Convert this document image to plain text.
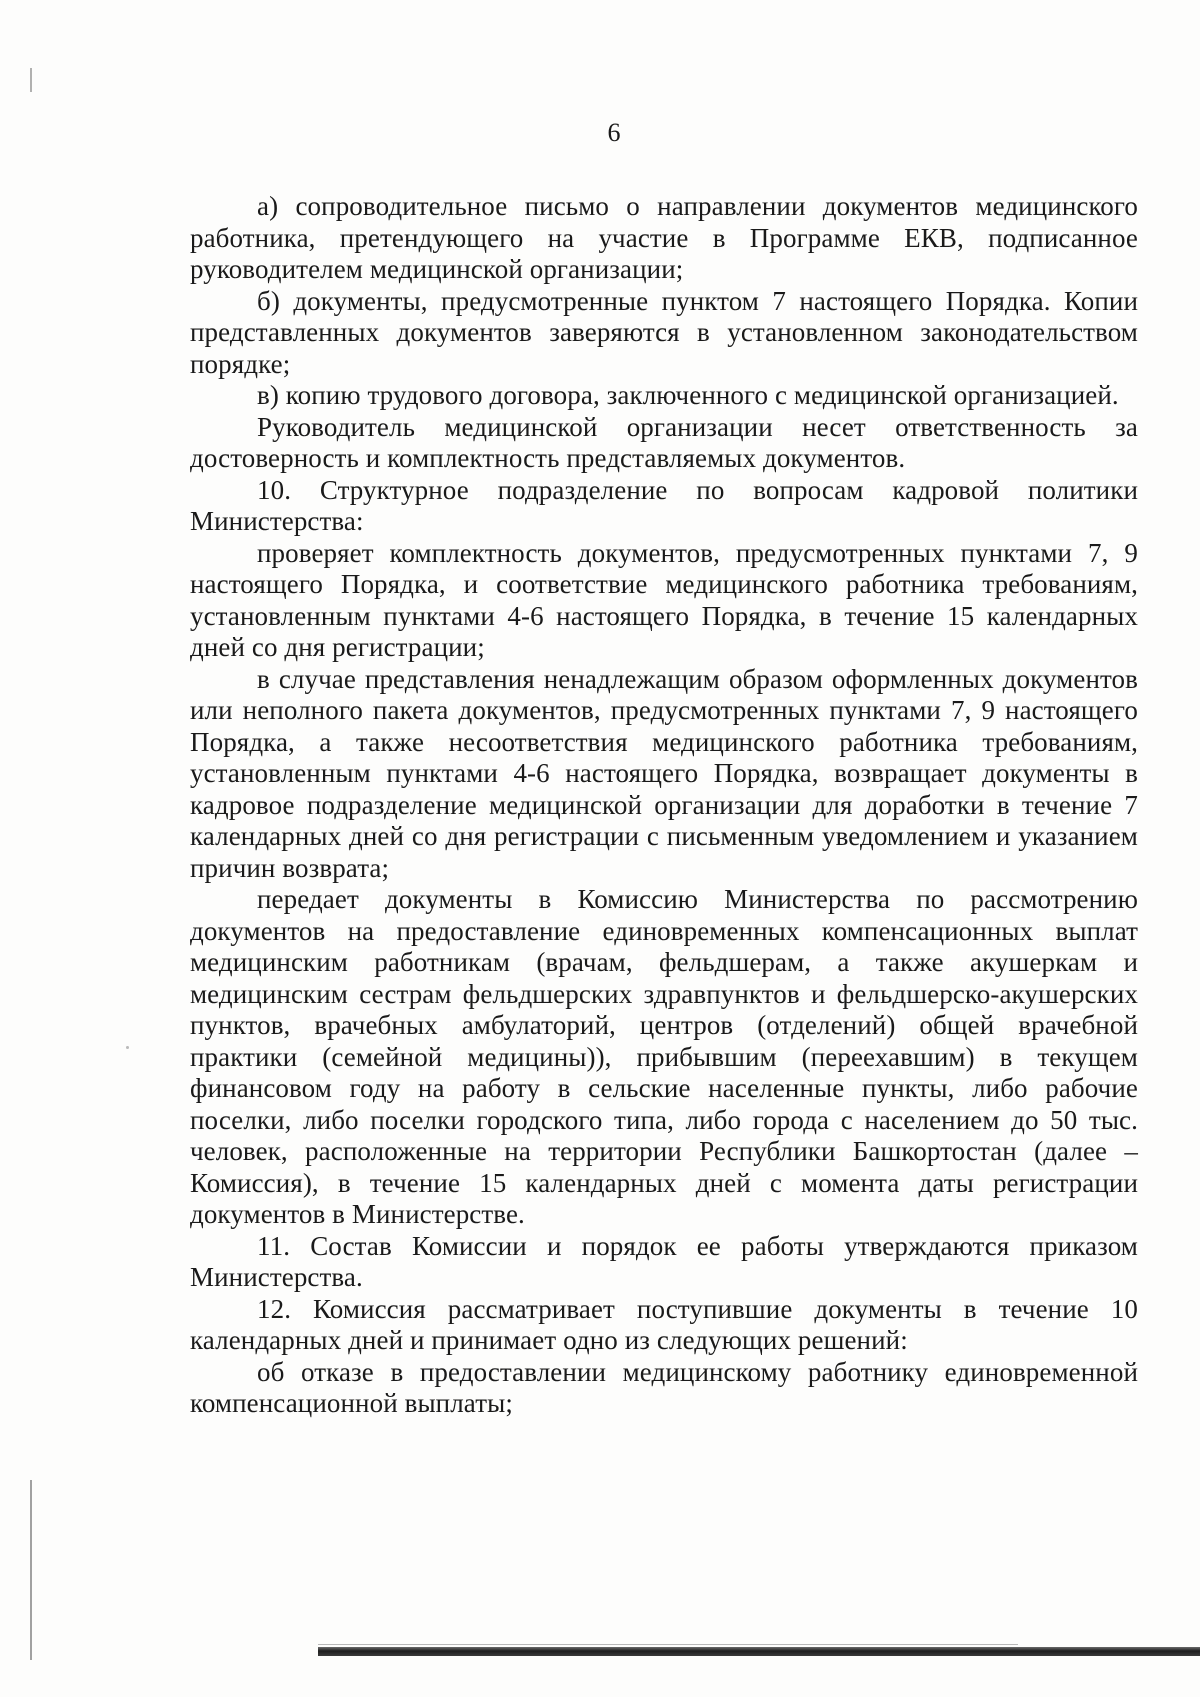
6

а) сопроводительное письмо о направлении документов медицинского работника, претендующего на участие в Программе ЕКВ, подписанное руководителем медицинской организации;

б) документы, предусмотренные пунктом 7 настоящего Порядка. Копии представленных документов заверяются в установленном законодательством порядке;

в) копию трудового договора, заключенного с медицинской организацией.

Руководитель медицинской организации несет ответственность за достоверность и комплектность представляемых документов.

10. Структурное подразделение по вопросам кадровой политики Министерства:

проверяет комплектность документов, предусмотренных пунктами 7, 9 настоящего Порядка, и соответствие медицинского работника требованиям, установленным пунктами 4-6 настоящего Порядка, в течение 15 календарных дней со дня регистрации;

в случае представления ненадлежащим образом оформленных документов или неполного пакета документов, предусмотренных пунктами 7, 9 настоящего Порядка, а также несоответствия медицинского работника требованиям, установленным пунктами 4-6 настоящего Порядка, возвращает документы в кадровое подразделение медицинской организации для доработки в течение 7 календарных дней со дня регистрации с письменным уведомлением и указанием причин возврата;

передает документы в Комиссию Министерства по рассмотрению документов на предоставление единовременных компенсационных выплат медицинским работникам (врачам, фельдшерам, а также акушеркам и медицинским сестрам фельдшерских здравпунктов и фельдшерско-акушерских пунктов, врачебных амбулаторий, центров (отделений) общей врачебной практики (семейной медицины)), прибывшим (переехавшим) в текущем финансовом году на работу в сельские населенные пункты, либо рабочие поселки, либо поселки городского типа, либо города с населением до 50 тыс. человек, расположенные на территории Республики Башкортостан (далее – Комиссия), в течение 15 календарных дней с момента даты регистрации документов в Министерстве.

11. Состав Комиссии и порядок ее работы утверждаются приказом Министерства.

12. Комиссия рассматривает поступившие документы в течение 10 календарных дней и принимает одно из следующих решений:

об отказе в предоставлении медицинскому работнику единовременной компенсационной выплаты;
